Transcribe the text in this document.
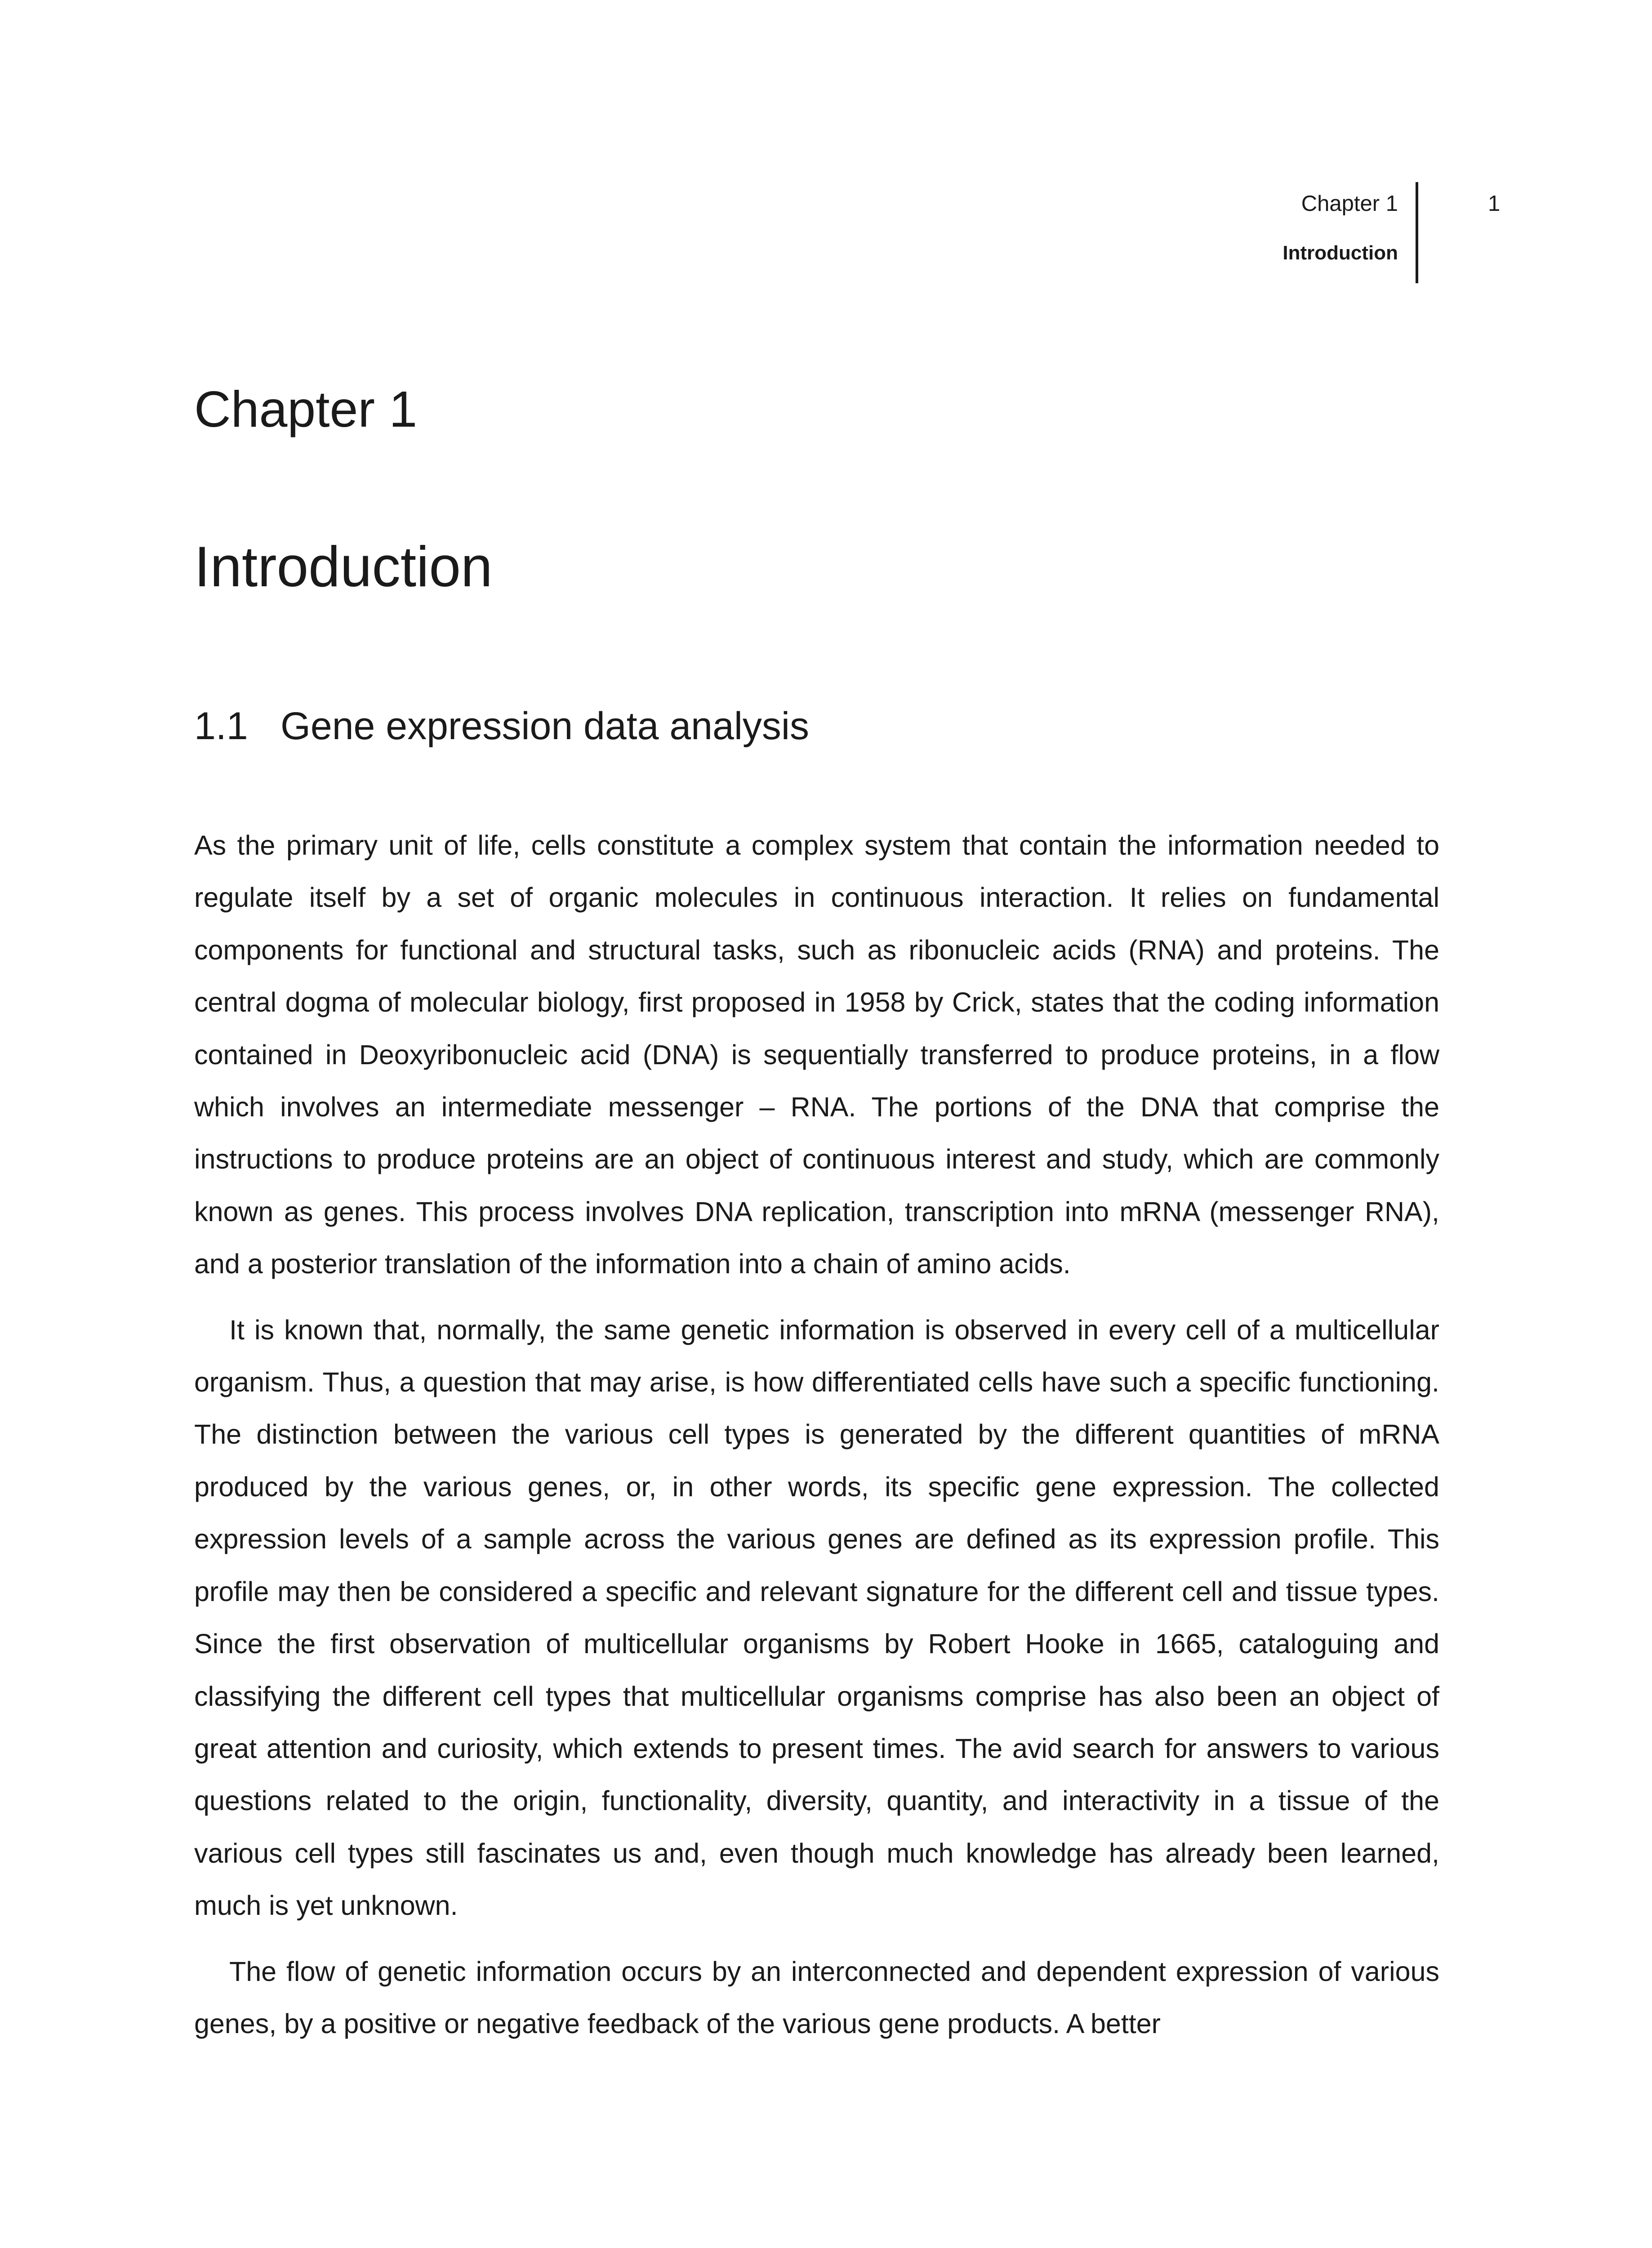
Chapter 1
Introduction
1
Chapter 1
Introduction
1.1 Gene expression data analysis

As the primary unit of life, cells constitute a complex system that contain the information needed to regulate itself by a set of organic molecules in continuous interaction. It relies on fundamental components for functional and structural tasks, such as ribonucleic acids (RNA) and proteins. The central dogma of molecular biology, first proposed in 1958 by Crick, states that the coding information contained in Deoxyribonucleic acid (DNA) is sequentially transferred to produce proteins, in a flow which involves an intermediate messenger – RNA. The portions of the DNA that comprise the instructions to produce proteins are an object of continuous interest and study, which are commonly known as genes. This process involves DNA replication, transcription into mRNA (messenger RNA), and a posterior translation of the information into a chain of amino acids.

It is known that, normally, the same genetic information is observed in every cell of a multicellular organism. Thus, a question that may arise, is how differentiated cells have such a specific functioning. The distinction between the various cell types is generated by the different quantities of mRNA produced by the various genes, or, in other words, its specific gene expression. The collected expression levels of a sample across the various genes are defined as its expression profile. This profile may then be considered a specific and relevant signature for the different cell and tissue types. Since the first observation of multicellular organisms by Robert Hooke in 1665, cataloguing and classifying the different cell types that multicellular organisms comprise has also been an object of great attention and curiosity, which extends to present times. The avid search for answers to various questions related to the origin, functionality, diversity, quantity, and interactivity in a tissue of the various cell types still fascinates us and, even though much knowledge has already been learned, much is yet unknown.

The flow of genetic information occurs by an interconnected and dependent expression of various genes, by a positive or negative feedback of the various gene products. A better
